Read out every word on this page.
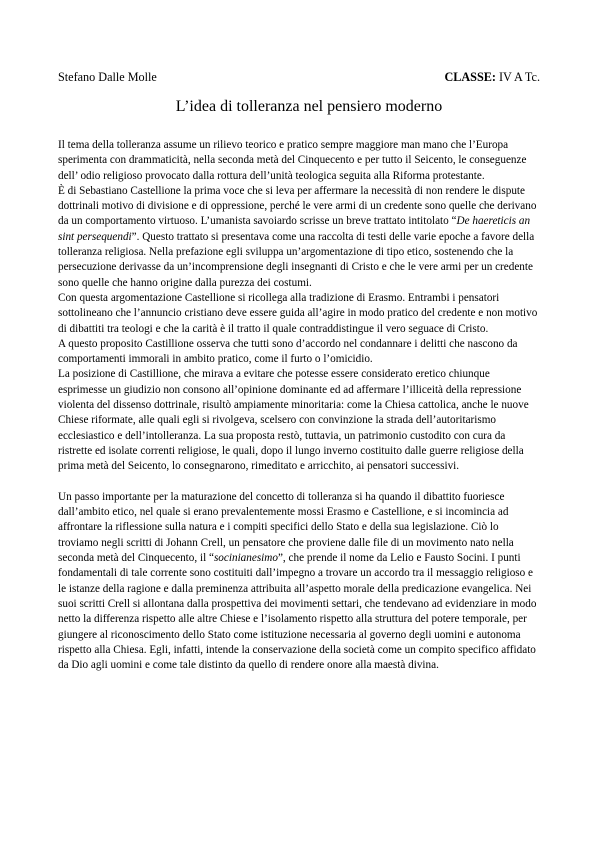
Stefano Dalle Molle	CLASSE: IV A Tc.
L’idea di tolleranza nel pensiero moderno

Il tema della tolleranza assume un rilievo teorico e pratico sempre maggiore man mano che l’Europa sperimenta con drammaticità, nella seconda metà del Cinquecento e per tutto il Seicento, le conseguenze dell’ odio religioso provocato dalla rottura dell’unità teologica seguita alla Riforma protestante.

È di Sebastiano Castellione la prima voce che si leva per affermare la necessità di non rendere le dispute dottrinali motivo di divisione e di oppressione, perché le vere armi di un credente sono quelle che derivano da un comportamento virtuoso. L’umanista savoiardo scrisse un breve trattato intitolato “De haereticis an sint persequendi”. Questo trattato si presentava come una raccolta di testi delle varie epoche a favore della tolleranza religiosa. Nella prefazione egli sviluppa un’argomentazione di tipo etico, sostenendo che la persecuzione derivasse da un’incomprensione degli insegnanti di Cristo e che le vere armi per un credente sono quelle che hanno origine dalla purezza dei costumi.

Con questa argomentazione Castellione si ricollega alla tradizione di Erasmo. Entrambi i pensatori sottolineano che l’annuncio cristiano deve essere guida all’agire in modo pratico del credente e non motivo di dibattiti tra teologi e che la carità è il tratto il quale contraddistingue il vero seguace di Cristo.

A questo proposito Castillione osserva che tutti sono d’accordo nel condannare i delitti che nascono da comportamenti immorali in ambito pratico, come il furto o l’omicidio.

La posizione di Castillione, che mirava a evitare che potesse essere considerato eretico chiunque esprimesse un giudizio non consono all’opinione dominante ed ad affermare l’illiceità della repressione violenta del dissenso dottrinale, risultò ampiamente minoritaria: come la Chiesa cattolica, anche le nuove Chiese riformate, alle quali egli si rivolgeva, scelsero con convinzione la strada dell’autoritarismo ecclesiastico e dell’intolleranza. La sua proposta restò, tuttavia, un patrimonio custodito con cura da ristrette ed isolate correnti religiose, le quali, dopo il lungo inverno costituito dalle guerre religiose della prima metà del Seicento, lo consegnarono, rimeditato e arricchito, ai pensatori successivi.

Un passo importante per la maturazione del concetto di tolleranza si ha quando il dibattito fuoriesce dall’ambito etico, nel quale si erano prevalentemente mossi Erasmo e Castellione, e si incomincia ad affrontare la riflessione sulla natura e i compiti specifici dello Stato e della sua legislazione. Ciò lo troviamo negli scritti di Johann Crell, un pensatore che proviene dalle file di un movimento nato nella seconda metà del Cinquecento, il “socinianesimo”, che prende il nome da Lelio e Fausto Socini. I punti fondamentali di tale corrente sono costituiti dall’impegno a trovare un accordo tra il messaggio religioso e le istanze della ragione e dalla preminenza attribuita all’aspetto morale della predicazione evangelica. Nei suoi scritti Crell si allontana dalla prospettiva dei movimenti settari, che tendevano ad evidenziare in modo netto la differenza rispetto alle altre Chiese e l’isolamento rispetto alla struttura del potere temporale, per giungere al riconoscimento dello Stato come istituzione necessaria al governo degli uomini e autonoma rispetto alla Chiesa. Egli, infatti, intende la conservazione della società come un compito specifico affidato da Dio agli uomini e come tale distinto da quello di rendere onore alla maestà divina.
